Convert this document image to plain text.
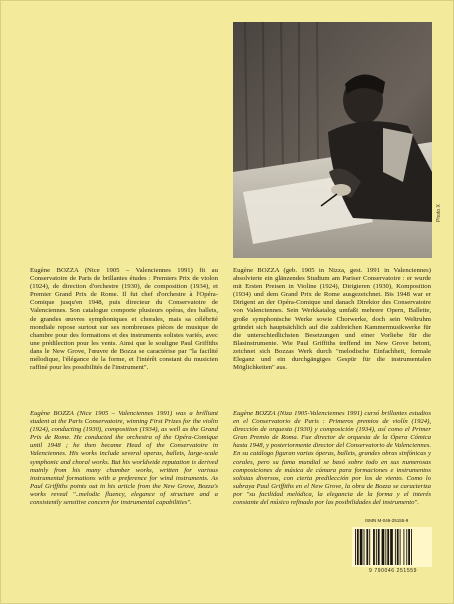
Photo X

Eugène BOZZA (Nice 1905 – Valenciennes 1991) fit au Conservatoire de Paris de brillantes études : Premiers Prix de violon (1924), de direction d'orchestre (1930), de composition (1934), et Premier Grand Prix de Rome. Il fut chef d'orchestre à l'Opéra-Comique jusqu'en 1948, puis directeur du Conservatoire de Valenciennes. Son catalogue comporte plusieurs opéras, des ballets, de grandes œuvres symphoniques et chorales, mais sa célébrité mondiale repose surtout sur ses nombreuses pièces de musique de chambre pour des formations et des instruments solistes variés, avec une prédilection pour les vents. Ainsi que le souligne Paul Griffiths dans le New Grove, l'œuvre de Bozza se caractérise par "la facilité mélodique, l'élégance de la forme, et l'intérêt constant du musicien raffiné pour les possibilités de l'instrument".

Eugène BOZZA (geb. 1905 in Nizza, gest. 1991 in Valenciennes) absolvierte ein glänzendes Studium am Pariser Conservatoire : er wurde mit Ersten Preisen in Violine (1924), Dirigieren (1930), Komposition (1934) und dem Grand Prix de Rome ausgezeichnet. Bis 1948 war er Dirigent an der Opéra-Comique und danach Direktor des Conservatoire von Valenciennes. Sein Werkkatalog umfaßt mehrere Opern, Ballette, große symphonische Werke sowie Chorwerke, doch sein Weltruhm gründet sich hauptsächlich auf die zahlreichen Kammermusikwerke für die unterschiedlichsten Besetzungen und einer Vorliebe für die Blasinstrumente. Wie Paul Griffiths treffend im New Grove betont, zeichnet sich Bozzas Werk durch "melodische Einfachheit, formale Eleganz und ein durchgängiges Gespür für die instrumentalen Möglichkeiten" aus.

Eugène BOZZA (Nice 1905 – Valenciennes 1991) was a brilliant student at the Paris Conservatoire, winning First Prizes for the violin (1924), conducting (1930), composition (1934), as well as the Grand Prix de Rome. He conducted the orchestra of the Opéra-Comique until 1948 ; he then became Head of the Conservatoire in Valenciennes. His works include several operas, ballets, large-scale symphonic and choral works. But his worldwide reputation is derived mainly from his many chamber works, written for various instrumental formations with a preference for wind instruments. As Paul Griffiths points out in his article from the New Grove, Bozza's works reveal "..melodic fluency, elegance of structure and a consistently sensitive concern for instrumental capabilities".

Eugène BOZZA (Niza 1905-Valenciennes 1991) cursó brillantes estudios en el Conservatorio de Paris : Primeros premios de violín (1924), dirección de orquesta (1930) y composición (1934), así como el Primer Gran Premio de Roma. Fue director de orquesta de la Ópera Cómica hasta 1948, y posteriormente director del Conservatorio de Valenciennes. En su catálogo figuran varias óperas, ballets, grandes obras sinfónicas y corales, pero su fama mundial se basó sobre todo en sus numerosas composiciones de música de cámara para formaciones e instrumentos solistas diversos, con cierta predilección por los de viento. Como lo subraya Paul Griffiths en el New Grove, la obra de Bozza se caracteriza por "su facilidad melódica, la elegancia de la forma y el interés constante del músico refinado por las posibilidades del instrumento".

ISMN M-046-25155-9
9 790046 251559
